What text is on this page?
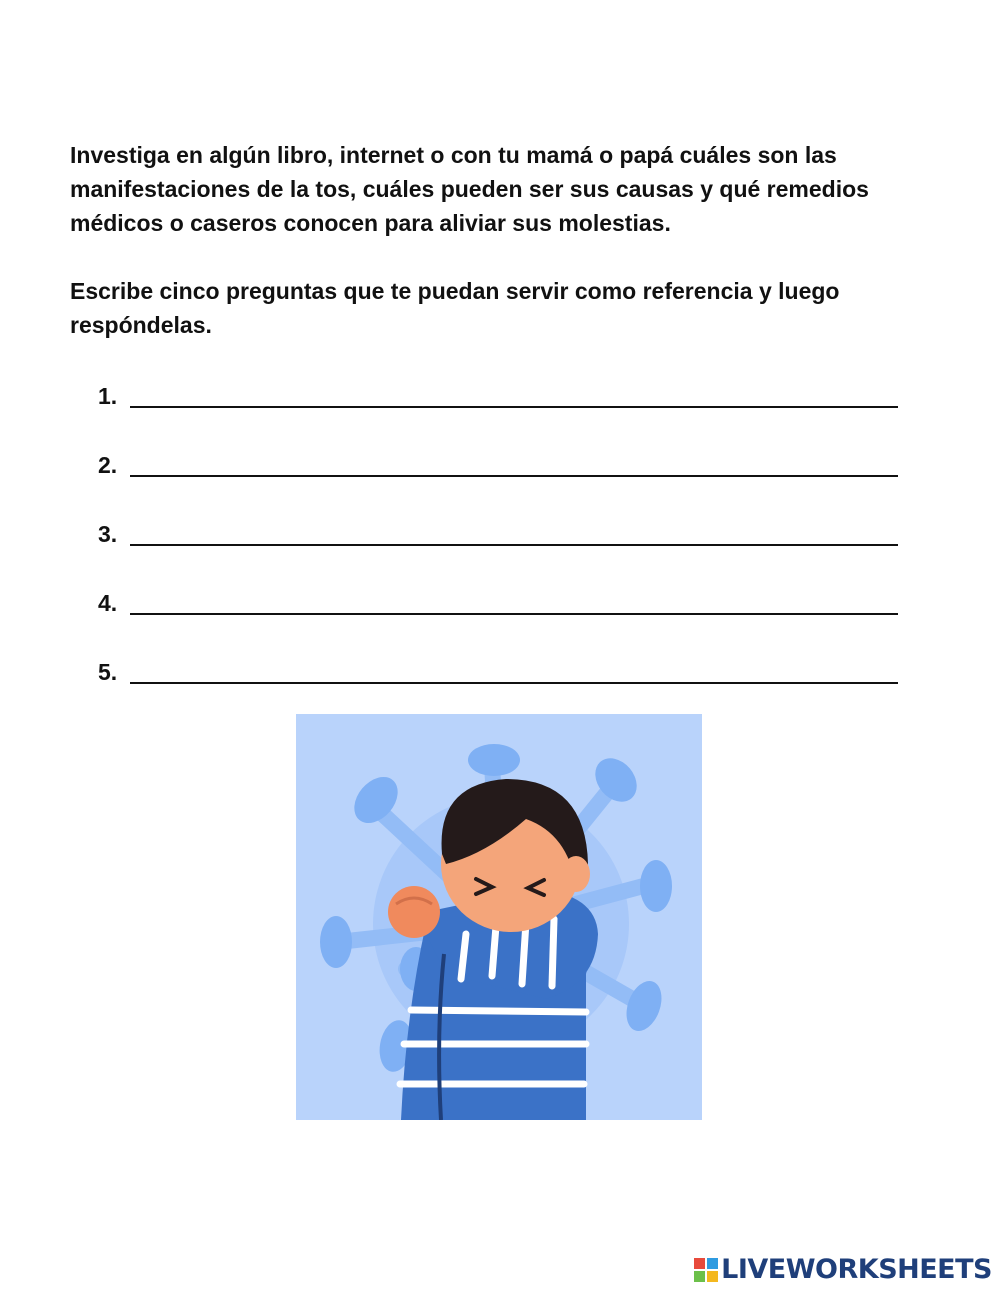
Investiga en algún libro, internet o con tu mamá o papá cuáles son las manifestaciones de la tos, cuáles pueden ser sus causas y qué remedios médicos o caseros conocen para aliviar sus molestias.

Escribe cinco preguntas que te puedan servir como referencia y luego respóndelas.

1.
2.
3.
4.
5.
LIVEWORKSHEETS
